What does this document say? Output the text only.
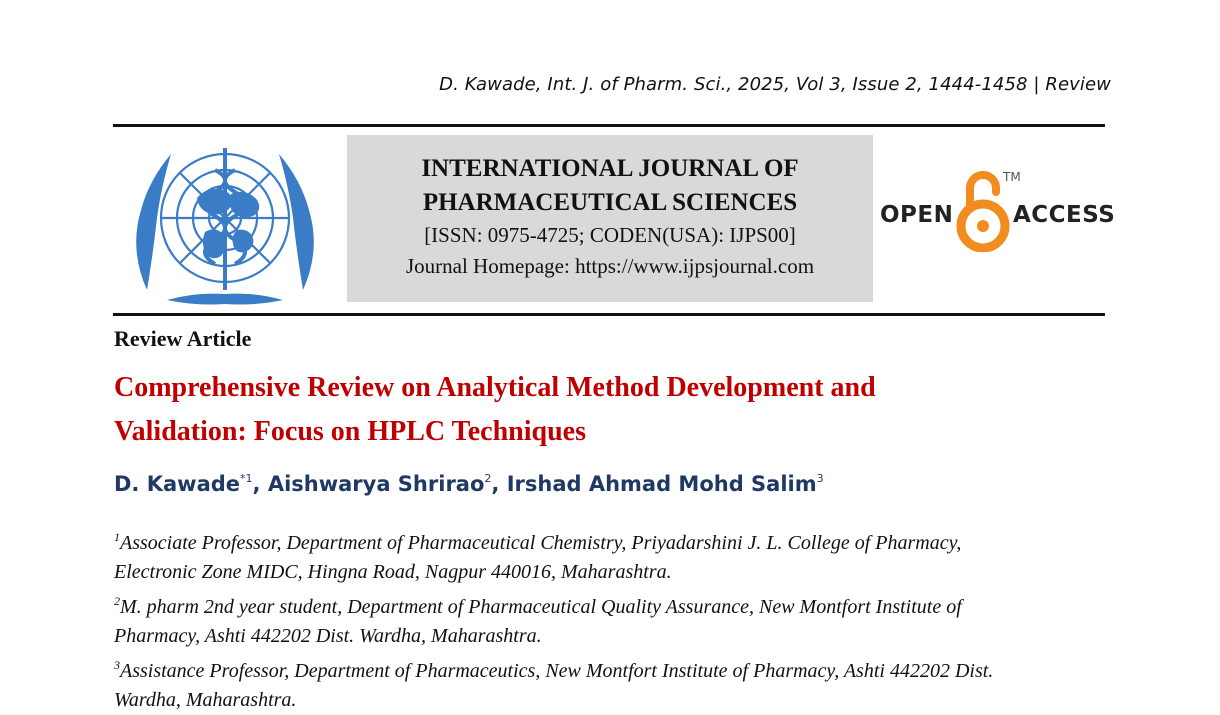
D. Kawade, Int. J. of Pharm. Sci., 2025, Vol 3, Issue 2, 1444-1458 | Review
INTERNATIONAL JOURNAL OF
PHARMACEUTICAL SCIENCES
[ISSN: 0975-4725; CODEN(USA): IJPS00]
Journal Homepage: https://www.ijpsjournal.com
OPEN
TM
ACCESS
Review Article
Comprehensive Review on Analytical Method Development and
Validation: Focus on HPLC Techniques
D. Kawade$^{*1}$, Aishwarya Shrirao$^2$, Irshad Ahmad Mohd Salim$^3$

$^1$Associate Professor, Department of Pharmaceutical Chemistry, Priyadarshini J. L. College of Pharmacy,
Electronic Zone MIDC, Hingna Road, Nagpur 440016, Maharashtra.

$^2$M. pharm 2nd year student, Department of Pharmaceutical Quality Assurance, New Montfort Institute of
Pharmacy, Ashti 442202 Dist. Wardha, Maharashtra.

$^3$Assistance Professor, Department of Pharmaceutics, New Montfort Institute of Pharmacy, Ashti 442202 Dist.
Wardha, Maharashtra.
